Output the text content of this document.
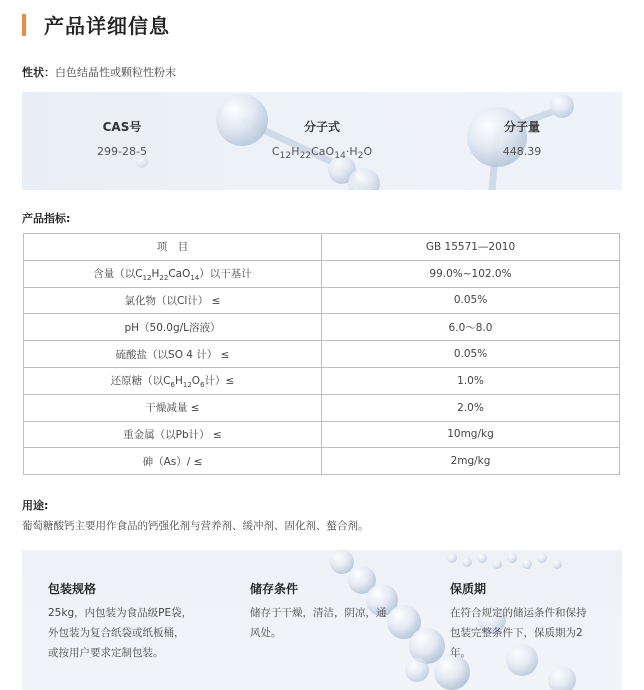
产品详细信息
性状：白色结晶性或颗粒性粉末
CAS号
299-28-5
分子式
$C_{12}H_{22}CaO_{14}\cdot H_2O$
分子量
448.39
产品指标:
项　目	GB 15571—2010
含量（以$C_{12}H_{22}CaO_{14}$）以干基计	99.0%~102.0%
氯化物（以Cl计） ≤	0.05%
pH（50.0g/L溶液）	6.0～8.0
硫酸盐（以SO 4 计） ≤	0.05%
还原糖（以$C_6H_{12}O_6$计）≤	1.0%
干燥减量 ≤	2.0%
重金属（以Pb计） ≤	10mg/kg
砷（As）/ ≤	2mg/kg
用途:
葡萄糖酸钙主要用作食品的钙强化剂与营养剂、缓冲剂、固化剂、螯合剂。
包装规格
25kg，内包装为食品级PE袋，
外包装为复合纸袋或纸板桶，
或按用户要求定制包装。
储存条件
储存于干燥，清洁，阴凉，通
风处。
保质期
在符合规定的储运条件和保持
包装完整条件下，保质期为2
年。
